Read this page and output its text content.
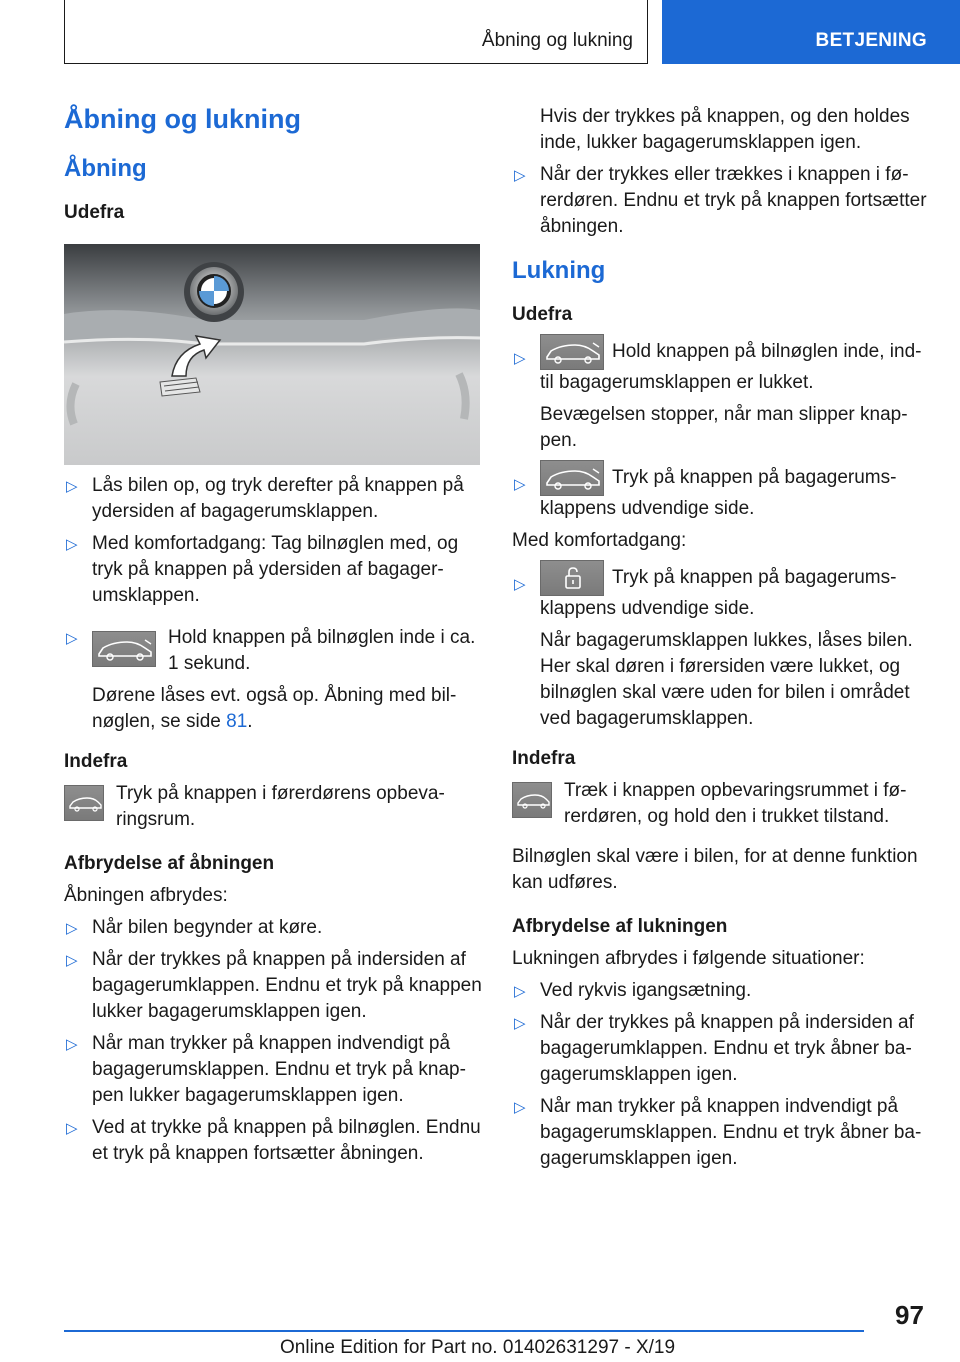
Åbning og lukning	BETJENING
Åbning og lukning
Åbning
Udefra
▷ Lås bilen op, og tryk derefter på knappen på ydersiden af bagagerumsklappen.
▷ Med komfortadgang: Tag bilnøglen med, og tryk på knappen på ydersiden af bagagerumsklappen.
▷	Hold knappen på bilnøglen inde i ca. 1 sekund.

Dørene låses evt. også op. Åbning med bilnøglen, se side 81.

Indefra
Tryk på knappen i førerdørens opbevaringsrum.
Afbrydelse af åbningen

Åbningen afbrydes:

▷ Når bilen begynder at køre.
▷ Når der trykkes på knappen på indersiden af bagagerumklappen. Endnu et tryk på knappen lukker bagagerumsklappen igen.
▷ Når man trykker på knappen indvendigt på bagagerumsklappen. Endnu et tryk på knappen lukker bagagerumsklappen igen.
▷ Ved at trykke på knappen på bilnøglen. Endnu et tryk på knappen fortsætter åbningen.

Hvis der trykkes på knappen, og den holdes inde, lukker bagagerumsklappen igen.

▷ Når der trykkes eller trækkes i knappen i førerdøren. Endnu et tryk på knappen fortsætter åbningen.
Lukning
Udefra
▷	Hold knappen på bilnøglen inde, indtil bagagerumsklappen er lukket.

Bevægelsen stopper, når man slipper knappen.

▷	Tryk på knappen på bagagerumsklappens udvendige side.

Med komfortadgang:

▷	Tryk på knappen på bagagerumsklappens udvendige side.

Når bagagerumsklappen lukkes, låses bilen. Her skal døren i førersiden være lukket, og bilnøglen skal være uden for bilen i området ved bagagerumsklappen.

Indefra
Træk i knappen opbevaringsrummet i førerdøren, og hold den i trukket tilstand.

Bilnøglen skal være i bilen, for at denne funktion kan udføres.

Afbrydelse af lukningen

Lukningen afbrydes i følgende situationer:

▷ Ved rykvis igangsætning.
▷ Når der trykkes på knappen på indersiden af bagagerumklappen. Endnu et tryk åbner bagagerumsklappen igen.
▷ Når man trykker på knappen indvendigt på bagagerumsklappen. Endnu et tryk åbner bagagerumsklappen igen.
97
Online Edition for Part no. 01402631297 - X/19
